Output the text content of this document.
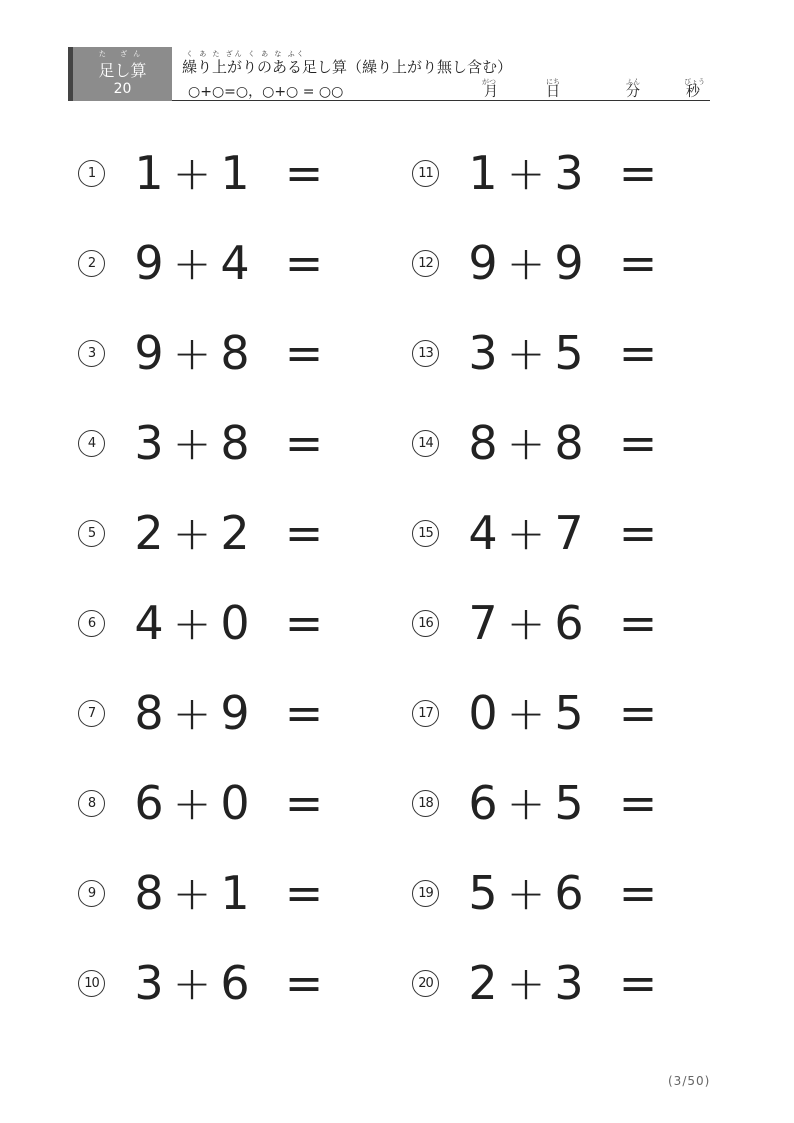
た ざん
足し算
20
く あ た ざん く あ な ふく
繰り上がりのある足し算（繰り上がり無し含む）
○+○=○，○+○ = ○○
がつ
月
にち
日
ふん
分
びょう
秒
1 1 + 1 =
2 9 + 4 =
3 9 + 8 =
4 3 + 8 =
5 2 + 2 =
6 4 + 0 =
7 8 + 9 =
8 6 + 0 =
9 8 + 1 =
10 3 + 6 =
11 1 + 3 =
12 9 + 9 =
13 3 + 5 =
14 8 + 8 =
15 4 + 7 =
16 7 + 6 =
17 0 + 5 =
18 6 + 5 =
19 5 + 6 =
20 2 + 3 =
(3/50)
